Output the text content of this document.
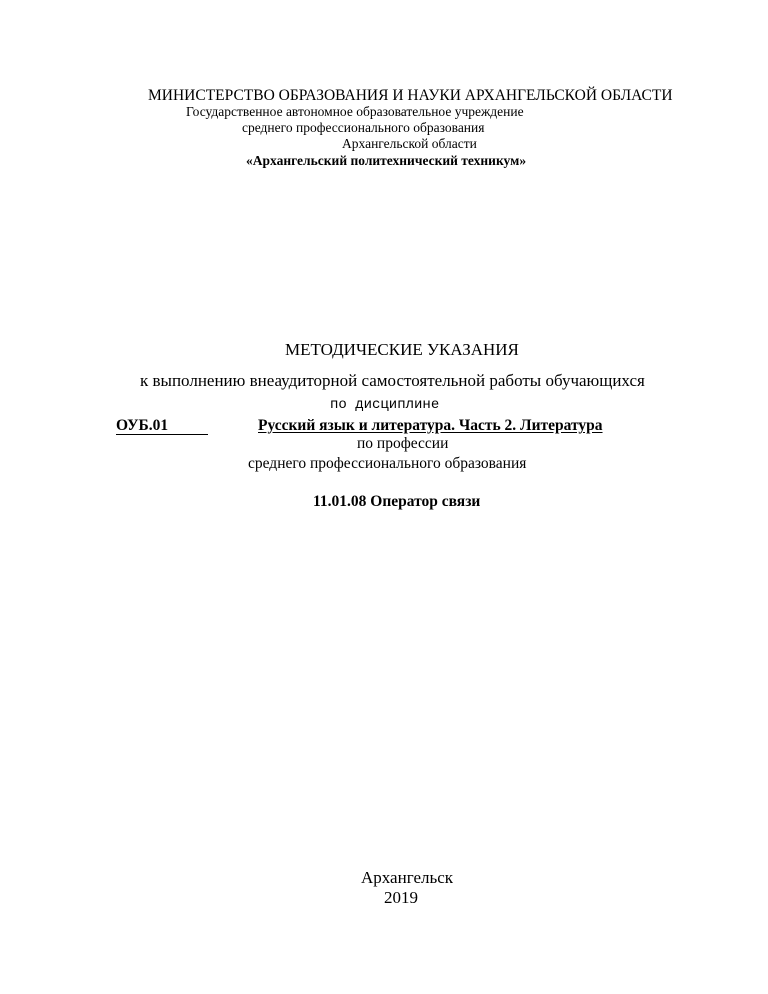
МИНИСТЕРСТВО ОБРАЗОВАНИЯ И НАУКИ АРХАНГЕЛЬСКОЙ ОБЛАСТИ
Государственное автономное образовательное учреждение
среднего профессионального образования
Архангельской области
«Архангельский политехнический техникум»
МЕТОДИЧЕСКИЕ УКАЗАНИЯ
к выполнению внеаудиторной самостоятельной работы обучающихся
по дисциплине
ОУБ.01	Русский язык и литература. Часть 2. Литература
по профессии
среднего профессионального образования
11.01.08 Оператор связи
Архангельск
2019
